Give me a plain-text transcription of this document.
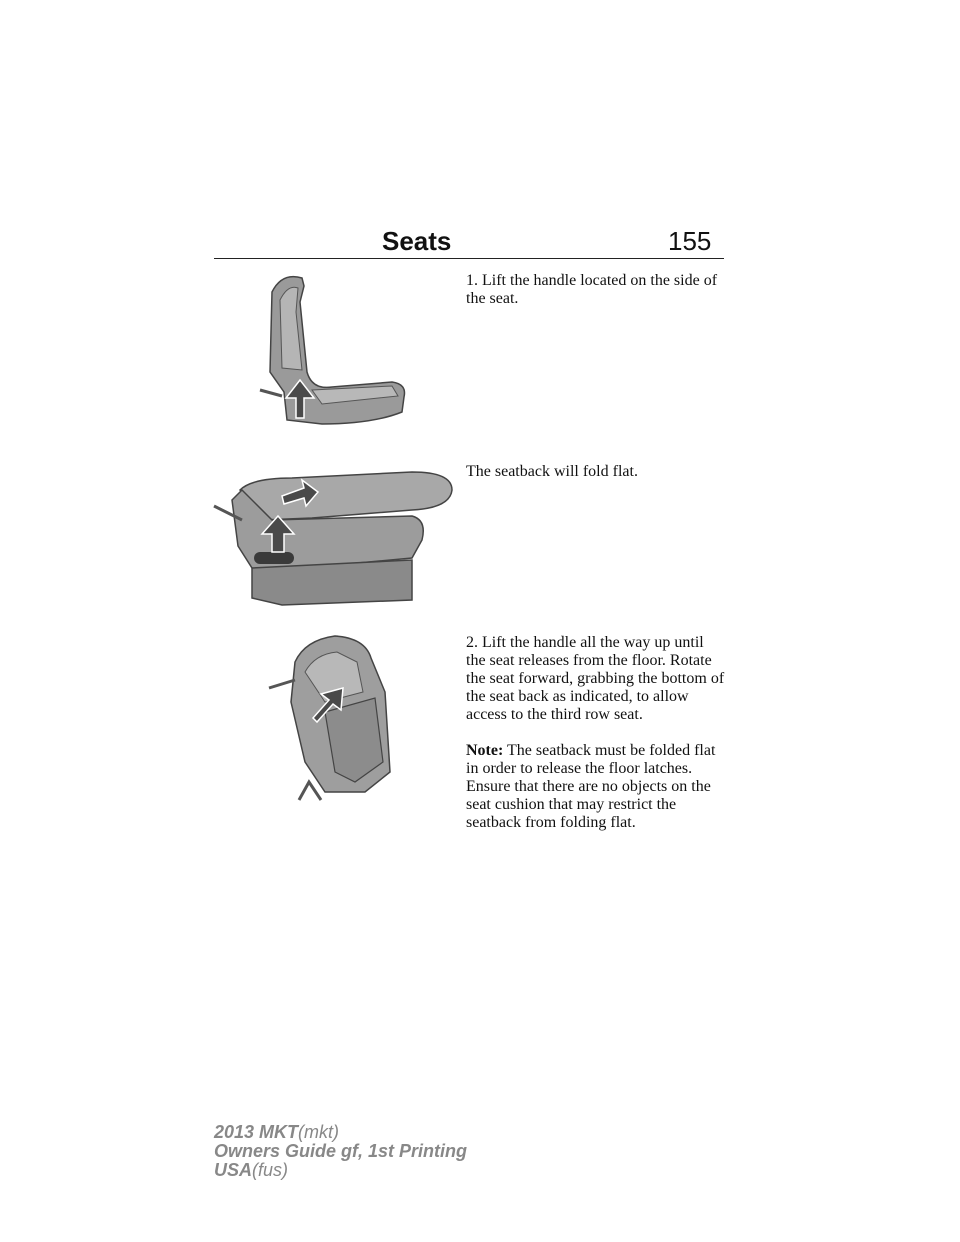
Seats	155
1. Lift the handle located on the side of the seat.
The seatback will fold flat.
2. Lift the handle all the way up until the seat releases from the floor. Rotate the seat forward, grabbing the bottom of the seat back as indicated, to allow access to the third row seat.
Note: The seatback must be folded flat in order to release the floor latches. Ensure that there are no objects on the seat cushion that may restrict the seatback from folding flat.
2013 MKT(mkt)
Owners Guide gf, 1st Printing
USA(fus)
